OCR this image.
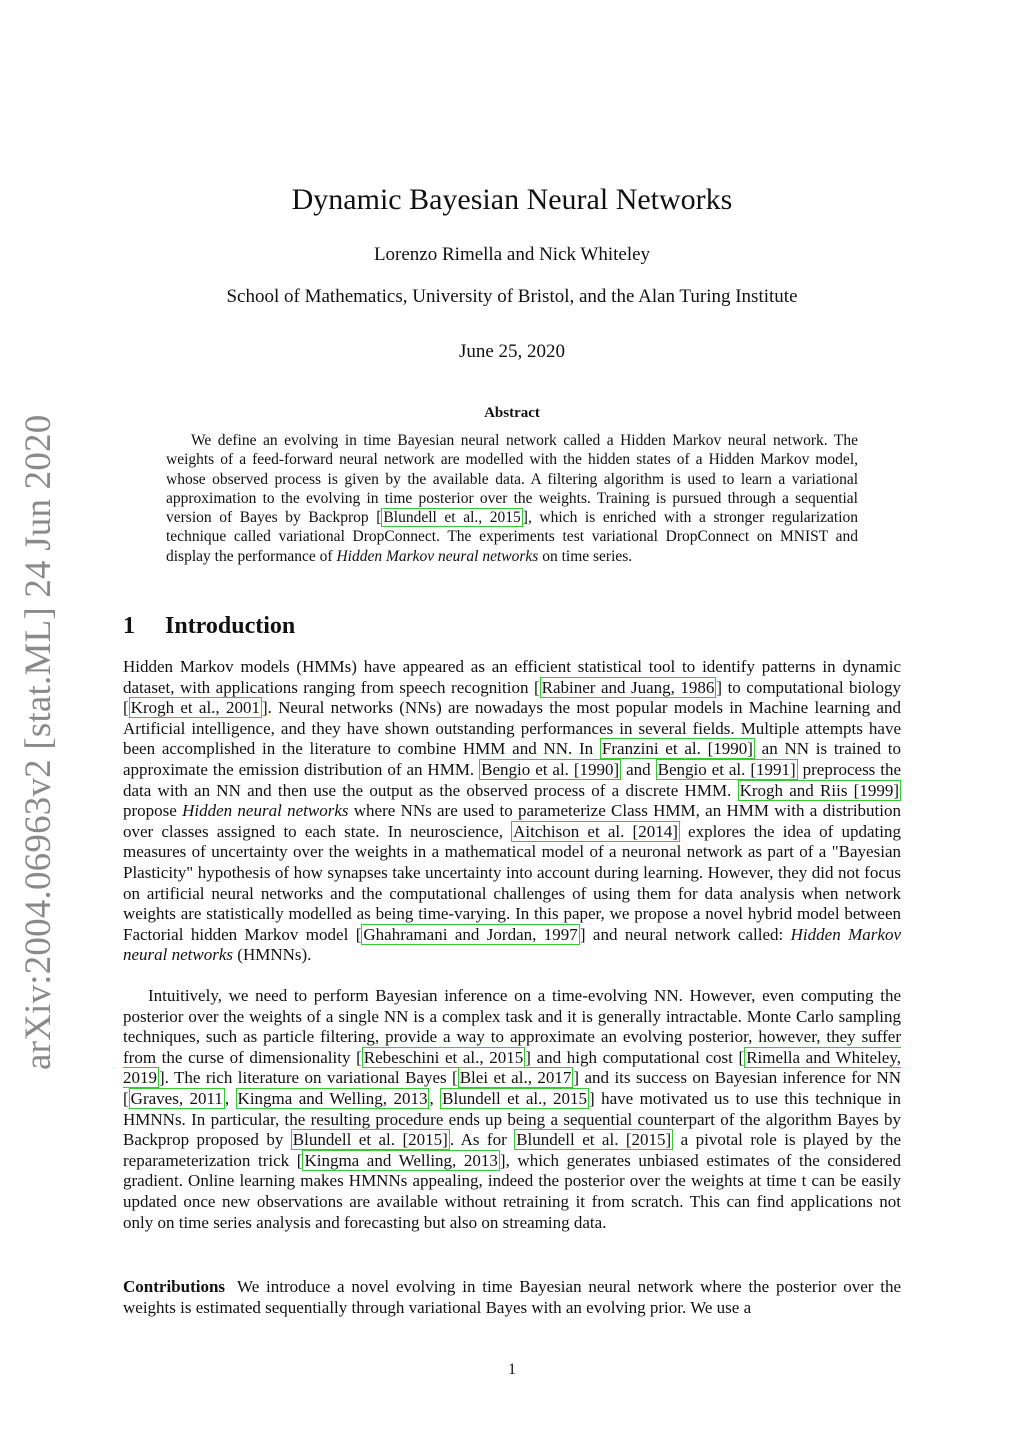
arXiv:2004.06963v2 [stat.ML] 24 Jun 2020
Dynamic Bayesian Neural Networks
Lorenzo Rimella and Nick Whiteley
School of Mathematics, University of Bristol, and the Alan Turing Institute
June 25, 2020
Abstract

We define an evolving in time Bayesian neural network called a Hidden Markov neural network. The weights of a feed-forward neural network are modelled with the hidden states of a Hidden Markov model, whose observed process is given by the available data. A filtering algorithm is used to learn a variational approximation to the evolving in time posterior over the weights. Training is pursued through a sequential version of Bayes by Backprop [ Blundell et al., 2015 ], which is enriched with a stronger regularization technique called variational DropConnect. The experiments test variational DropConnect on MNIST and display the performance of Hidden Markov neural networks on time series.

1 Introduction

Hidden Markov models (HMMs) have appeared as an efficient statistical tool to identify patterns in dynamic dataset, with applications ranging from speech recognition [ Rabiner and Juang, 1986 ] to computational biology [ Krogh et al., 2001 ]. Neural networks (NNs) are nowadays the most popular models in Machine learning and Artificial intelligence, and they have shown outstanding performances in several fields. Multiple attempts have been accomplished in the literature to combine HMM and NN. In Franzini et al. [1990] an NN is trained to approximate the emission distribution of an HMM. Bengio et al. [1990] and Bengio et al. [1991] preprocess the data with an NN and then use the output as the observed process of a discrete HMM. Krogh and Riis [1999] propose Hidden neural networks where NNs are used to parameterize Class HMM, an HMM with a distribution over classes assigned to each state. In neuroscience, Aitchison et al. [2014] explores the idea of updating measures of uncertainty over the weights in a mathematical model of a neuronal network as part of a "Bayesian Plasticity" hypothesis of how synapses take uncertainty into account during learning. However, they did not focus on artificial neural networks and the computational challenges of using them for data analysis when network weights are statistically modelled as being time-varying. In this paper, we propose a novel hybrid model between Factorial hidden Markov model [ Ghahramani and Jordan, 1997 ] and neural network called: Hidden Markov neural networks (HMNNs).

Intuitively, we need to perform Bayesian inference on a time-evolving NN. However, even computing the posterior over the weights of a single NN is a complex task and it is generally intractable. Monte Carlo sampling techniques, such as particle filtering, provide a way to approximate an evolving posterior, however, they suffer from the curse of dimensionality [ Rebeschini et al., 2015 ] and high computational cost [ Rimella and Whiteley, 2019 ]. The rich literature on variational Bayes [ Blei et al., 2017 ] and its success on Bayesian inference for NN [ Graves, 2011 , Kingma and Welling, 2013 , Blundell et al., 2015 ] have motivated us to use this technique in HMNNs. In particular, the resulting procedure ends up being a sequential counterpart of the algorithm Bayes by Backprop proposed by Blundell et al. [2015] . As for Blundell et al. [2015] a pivotal role is played by the reparameterization trick [ Kingma and Welling, 2013 ], which generates unbiased estimates of the considered gradient. Online learning makes HMNNs appealing, indeed the posterior over the weights at time t can be easily updated once new observations are available without retraining it from scratch. This can find applications not only on time series analysis and forecasting but also on streaming data.

Contributions We introduce a novel evolving in time Bayesian neural network where the posterior over the weights is estimated sequentially through variational Bayes with an evolving prior. We use a

1
